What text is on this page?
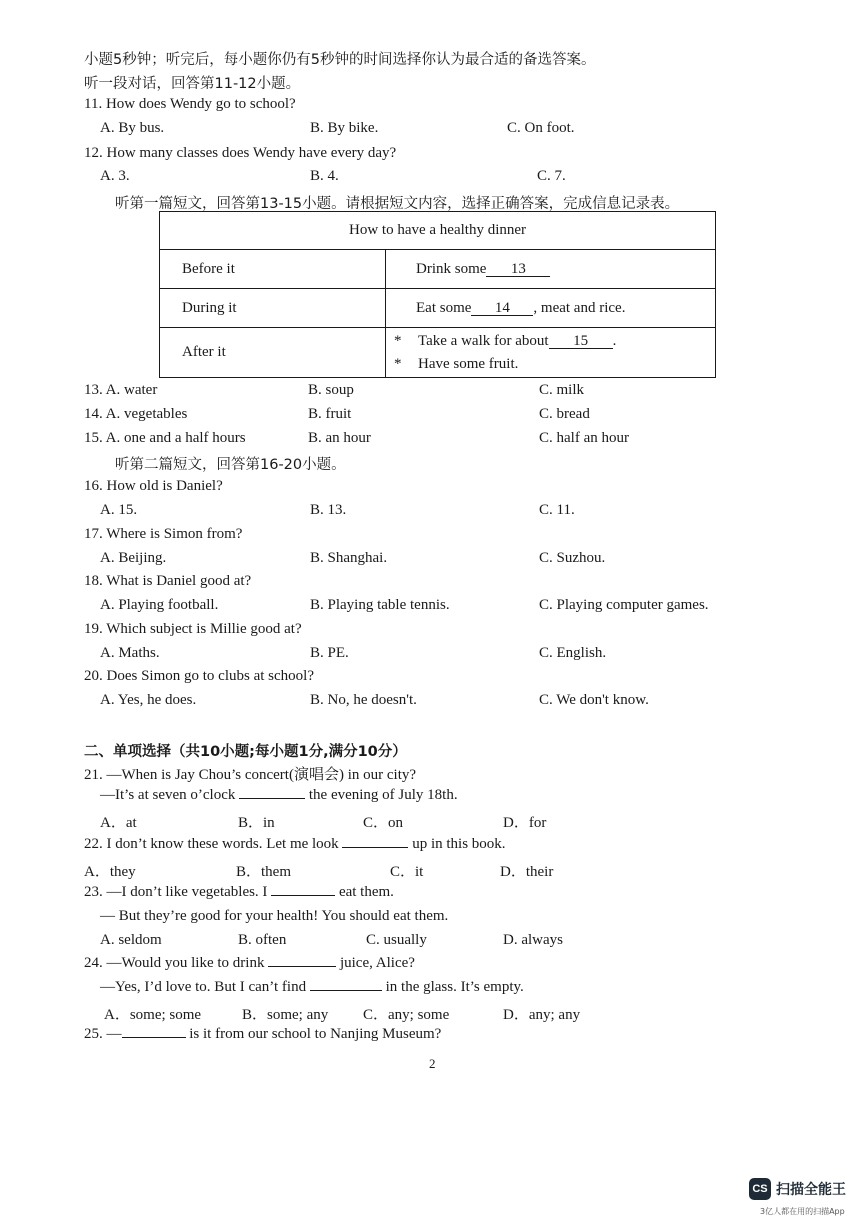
小题5秒钟；听完后，每小题你仍有5秒钟的时间选择你认为最合适的备选答案。
听一段对话，回答第11-12小题。
11. How does Wendy go to school?
A. By bus.	B. By bike.	C. On foot.
12. How many classes does Wendy have every day?
A. 3.	B. 4.	C. 7.
听第一篇短文，回答第13-15小题。请根据短文内容，选择正确答案，完成信息记录表。
How to have a healthy dinner	
Before it	Drink some 13
During it	Eat some 14 , meat and rice.
After it	* Take a walk for about 15 .
* Have some fruit.
13. A. water	B. soup	C. milk
14. A. vegetables	B. fruit	C. bread
15. A. one and a half hours	B. an hour	C. half an hour
听第二篇短文，回答第16-20小题。
16. How old is Daniel?
A. 15.	B. 13.	C. 11.
17. Where is Simon from?
A. Beijing.	B. Shanghai.	C. Suzhou.
18. What is Daniel good at?
A. Playing football.	B. Playing table tennis.	C. Playing computer games.
19. Which subject is Millie good at?
A. Maths.	B. PE.	C. English.
20. Does Simon go to clubs at school?
A. Yes, he does.	B. No, he doesn't.	C. We don't know.
二、单项选择（共10小题;每小题1分,满分10分）
21. —When is Jay Chou’s concert(演唱会) in our city?
—It’s at seven o’clock	the evening of July 18th.
A．at	B．in	C．on	D．for
22. I don’t know these words. Let me look	up in this book.
A．they	B．them	C．it	D．their
23. —I don’t like vegetables. I	eat them.
— But they’re good for your health! You should eat them.
A. seldom	B. often	C. usually	D. always
24. —Would you like to drink	juice, Alice?
—Yes, I’d love to. But I can’t find	in the glass. It’s empty.
A．some; some	B．some; any C．any; some	D．any; any
25. —	is it from our school to Nanjing Museum?
2
CS 扫描全能王
3亿人都在用的扫描App
